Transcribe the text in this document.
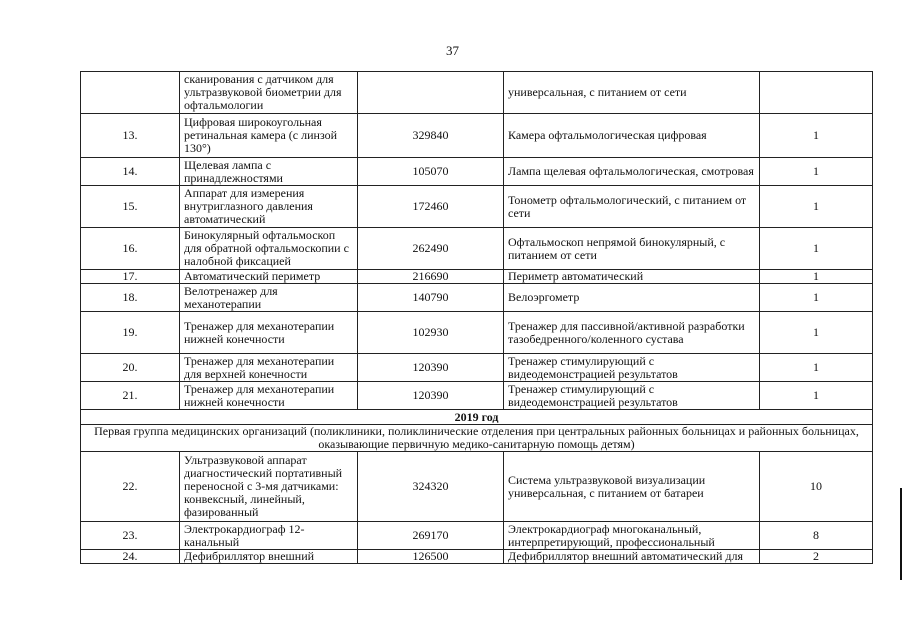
37
	сканирования с датчиком для ультразвуковой биометрии для офтальмологии		универсальная, с питанием от сети	
13.	Цифровая широкоугольная ретинальная камера (с линзой 130°)	329840	Камера офтальмологическая цифровая	1
14.	Щелевая лампа с принадлежностями	105070	Лампа щелевая офтальмологическая, смотровая	1
15.	Аппарат для измерения внутриглазного давления автоматический	172460	Тонометр офтальмологический, с питанием от сети	1
16.	Бинокулярный офтальмоскоп для обратной офтальмоскопии с налобной фиксацией	262490	Офтальмоскоп непрямой бинокулярный, с питанием от сети	1
17.	Автоматический периметр	216690	Периметр автоматический	1
18.	Велотренажер для механотерапии	140790	Велоэргометр	1
19.	Тренажер для механотерапии нижней конечности	102930	Тренажер для пассивной/активной разработки тазобедренного/коленного сустава	1
20.	Тренажер для механотерапии для верхней конечности	120390	Тренажер стимулирующий с видеодемонстрацией результатов	1
21.	Тренажер для механотерапии нижней конечности	120390	Тренажер стимулирующий с видеодемонстрацией результатов	1
2019 год				
Первая группа медицинских организаций (поликлиники, поликлинические отделения при центральных районных больницах и районных больницах, оказывающие первичную медико-санитарную помощь детям)				
22.	Ультразвуковой аппарат диагностический портативный переносной с 3-мя датчиками: конвексный, линейный, фазированный	324320	Система ультразвуковой визуализации универсальная, с питанием от батареи	10
23.	Электрокардиограф 12-канальный	269170	Электрокардиограф многоканальный, интерпретирующий, профессиональный	8
24.	Дефибриллятор внешний	126500	Дефибриллятор внешний автоматический для	2
